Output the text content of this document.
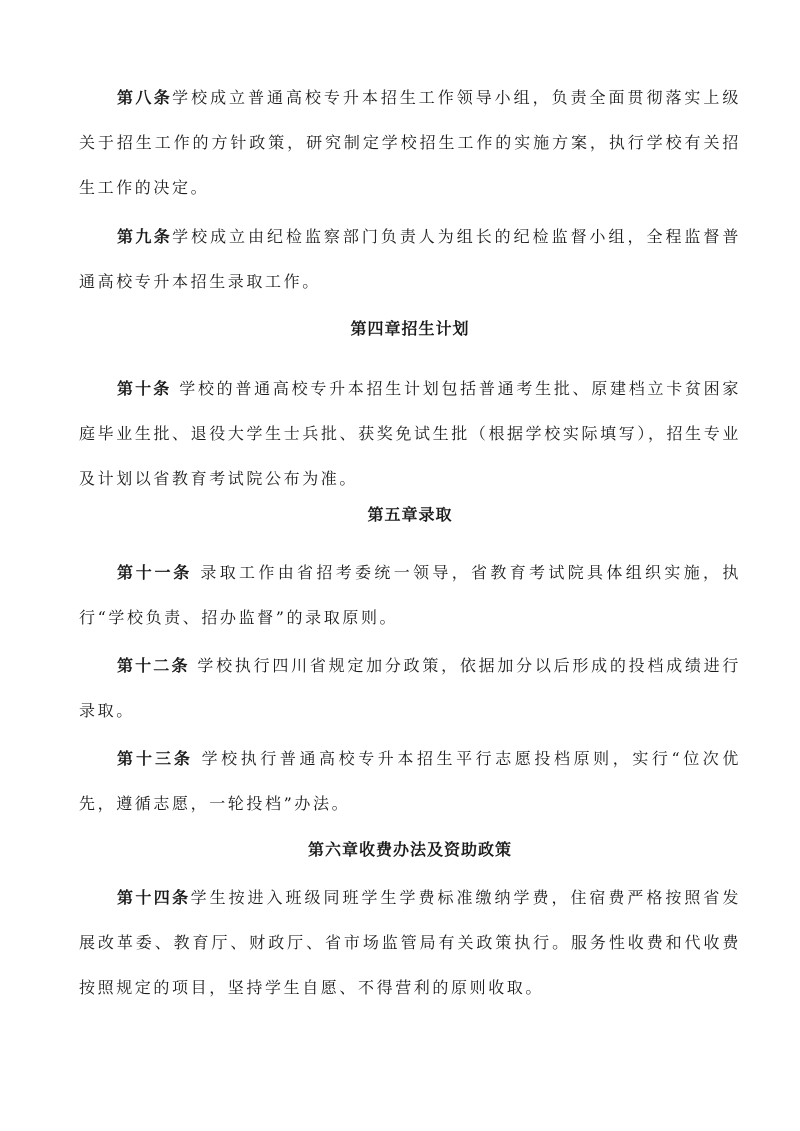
第八条学校成立普通高校专升本招生工作领导小组，负责全面贯彻落实上级关于招生工作的方针政策，研究制定学校招生工作的实施方案，执行学校有关招生工作的决定。

第九条学校成立由纪检监察部门负责人为组长的纪检监督小组，全程监督普通高校专升本招生录取工作。

第四章招生计划

第十条 学校的普通高校专升本招生计划包括普通考生批、原建档立卡贫困家庭毕业生批、退役大学生士兵批、获奖免试生批（根据学校实际填写），招生专业及计划以省教育考试院公布为准。

第五章录取

第十一条 录取工作由省招考委统一领导，省教育考试院具体组织实施，执行“学校负责、招办监督”的录取原则。

第十二条 学校执行四川省规定加分政策，依据加分以后形成的投档成绩进行录取。

第十三条 学校执行普通高校专升本招生平行志愿投档原则，实行“位次优先，遵循志愿，一轮投档”办法。

第六章收费办法及资助政策

第十四条学生按进入班级同班学生学费标准缴纳学费，住宿费严格按照省发展改革委、教育厅、财政厅、省市场监管局有关政策执行。服务性收费和代收费按照规定的项目，坚持学生自愿、不得营利的原则收取。
